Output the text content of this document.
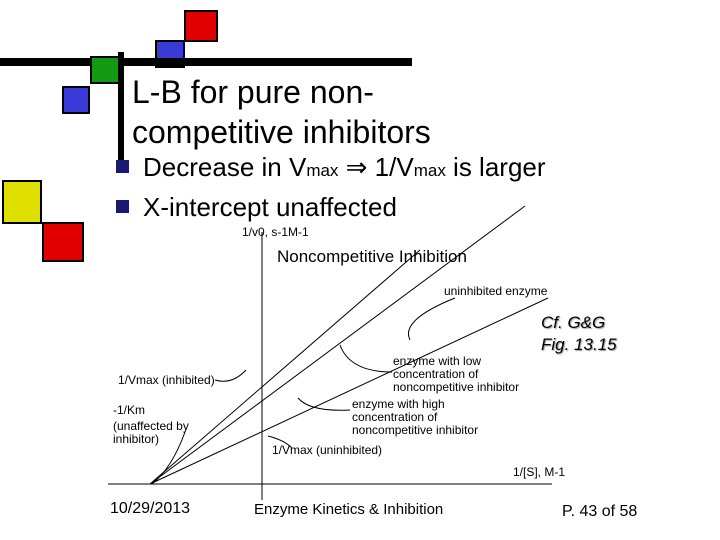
L-B for pure non-
competitive inhibitors
Decrease in Vmax ⇒ 1/Vmax is larger
X-intercept unaffected
1/v0, s-1M-1
Noncompetitive Inhibition
uninhibited enzyme
enzyme with low
concentration of
noncompetitive inhibitor
enzyme with high
concentration of
noncompetitive inhibitor
1/Vmax (inhibited)
-1/Km
(unaffected by
inhibitor)
1/Vmax (uninhibited)
1/[S], M-1
Cf. G&G
Fig. 13.15
10/29/2013	Enzyme Kinetics & Inhibition	P. 43 of 58
